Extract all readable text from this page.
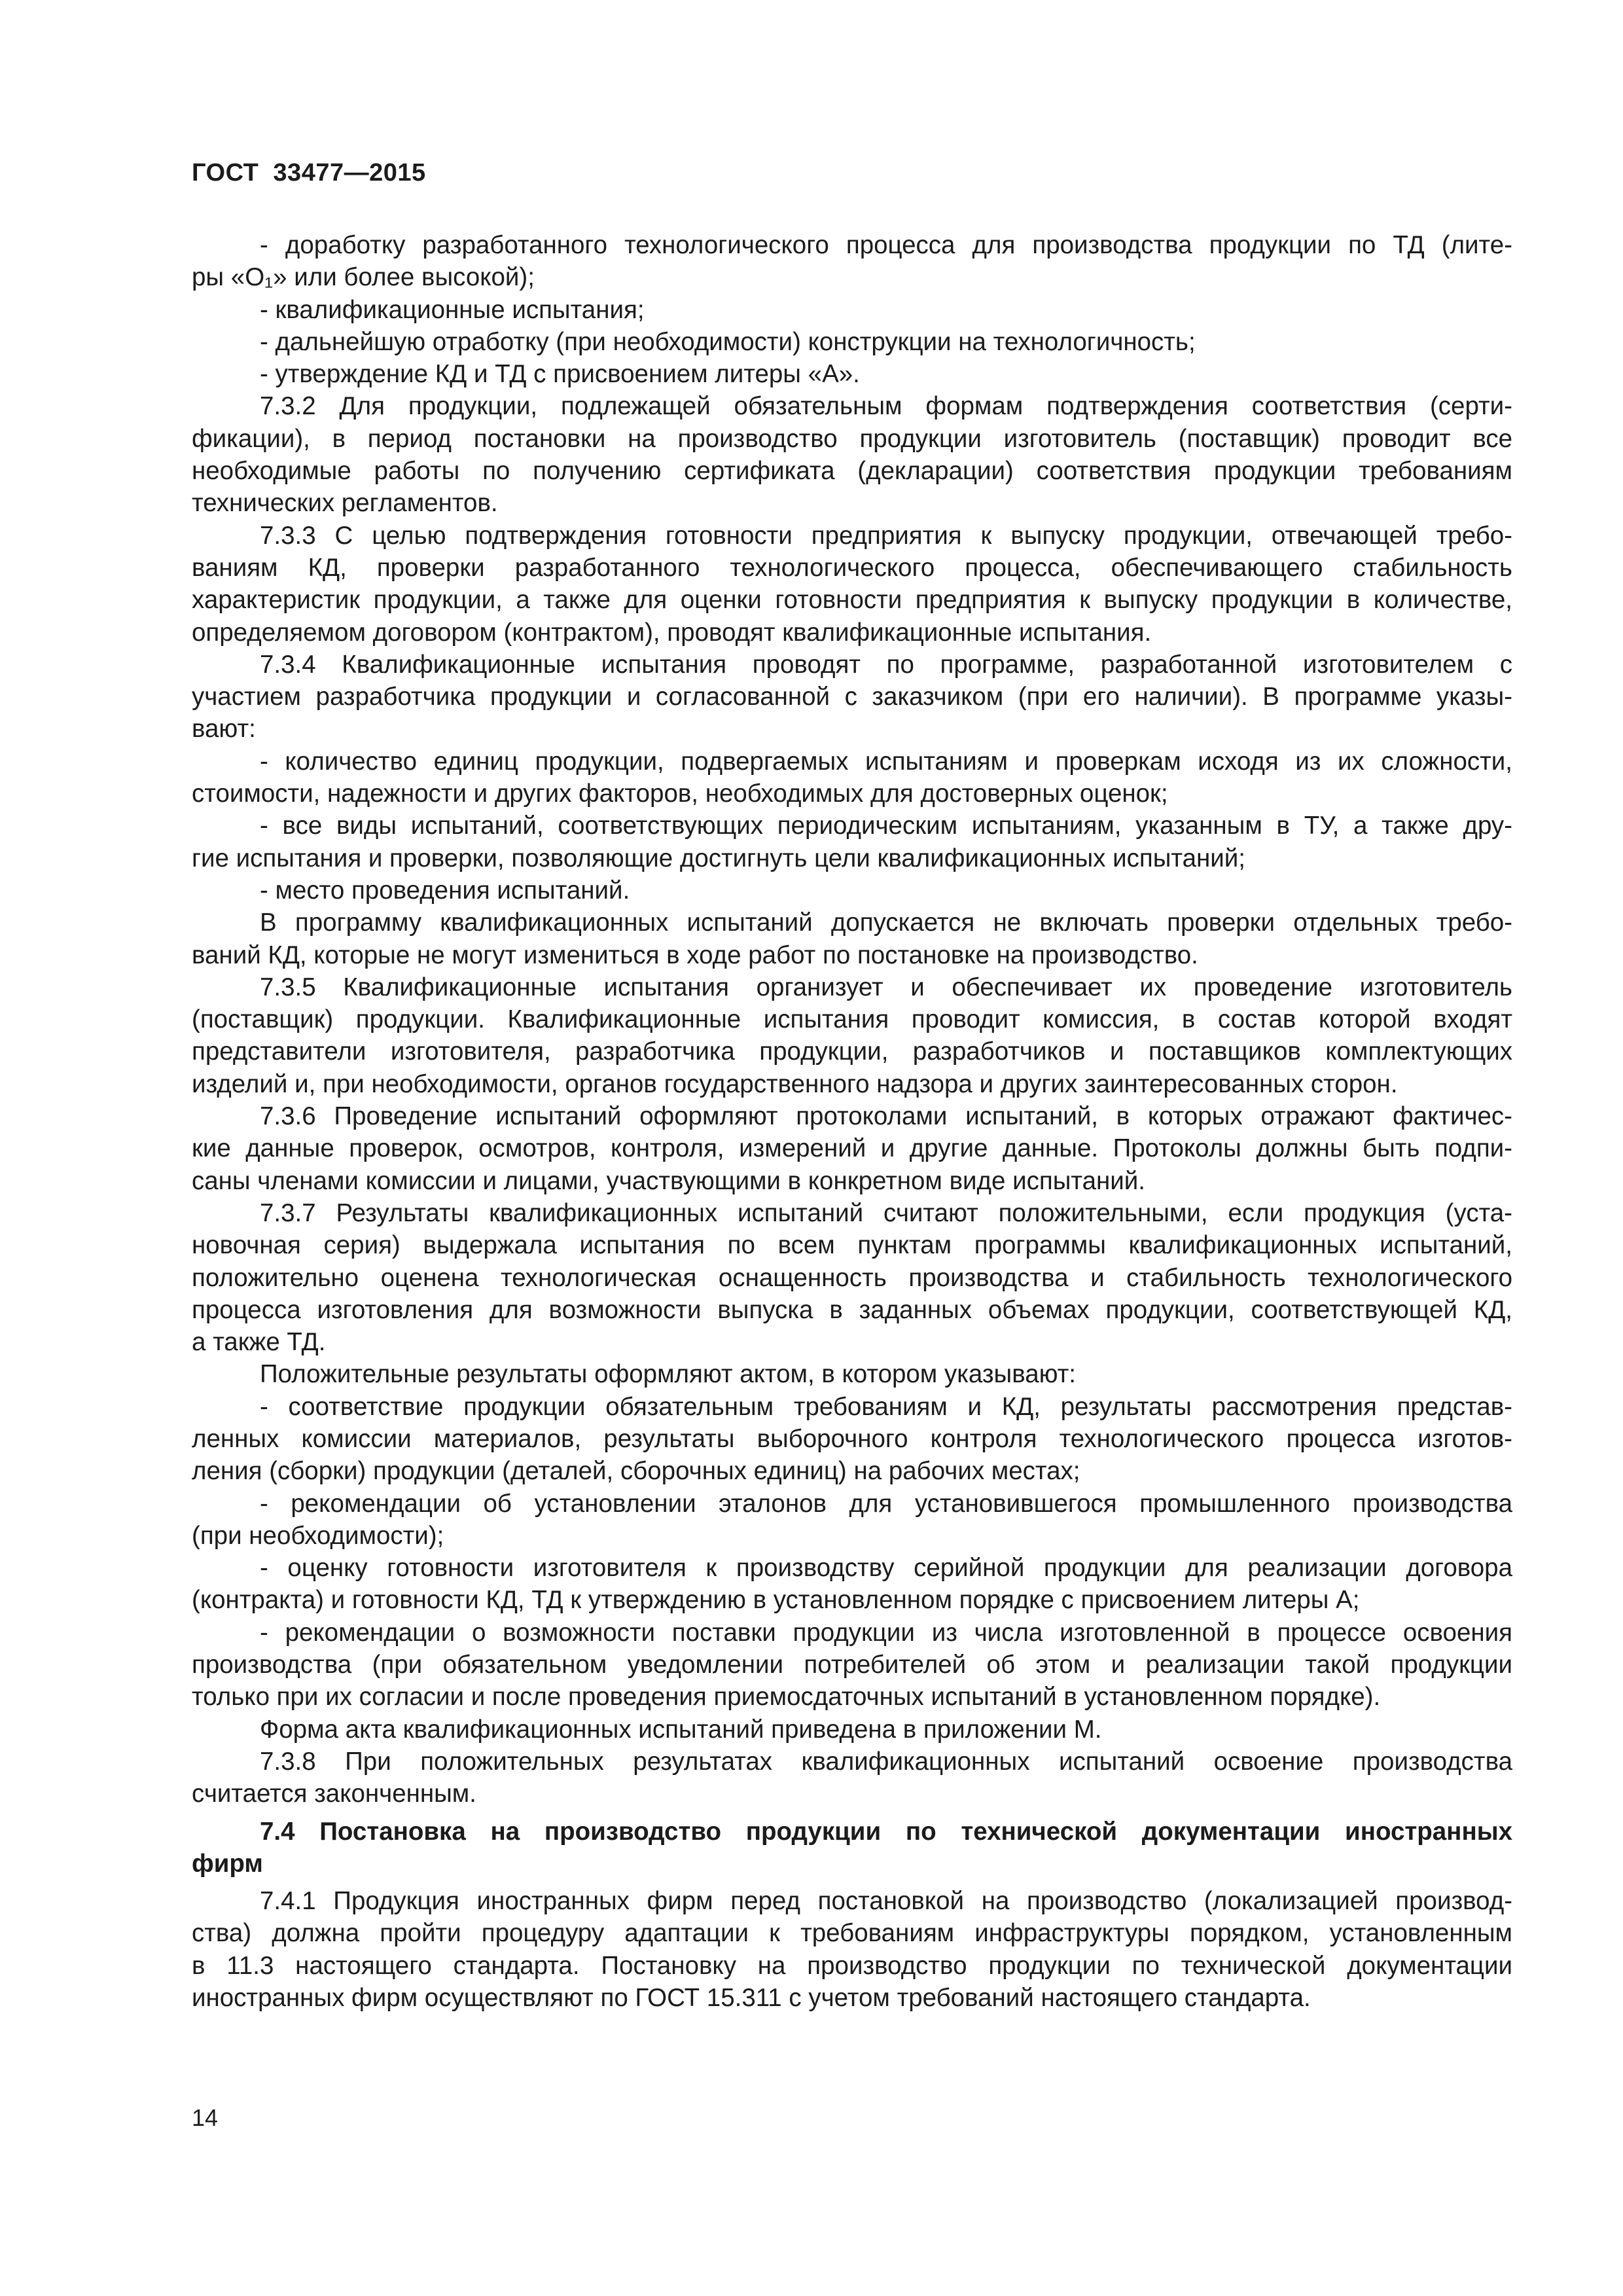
ГОСТ  33477—2015
- доработку разработанного технологического процесса для производства продукции по ТД (лите-
ры «О₁» или более высокой);
- квалификационные испытания;
- дальнейшую отработку (при необходимости) конструкции на технологичность;
- утверждение КД и ТД с присвоением литеры «А».
7.3.2 Для продукции, подлежащей обязательным формам подтверждения соответствия (серти-
фикации), в период постановки на производство продукции изготовитель (поставщик) проводит все
необходимые работы по получению сертификата (декларации) соответствия продукции требованиям
технических регламентов.
7.3.3 С целью подтверждения готовности предприятия к выпуску продукции, отвечающей требо-
ваниям КД, проверки разработанного технологического процесса, обеспечивающего стабильность
характеристик продукции, а также для оценки готовности предприятия к выпуску продукции в количестве,
определяемом договором (контрактом), проводят квалификационные испытания.
7.3.4 Квалификационные испытания проводят по программе, разработанной изготовителем с
участием разработчика продукции и согласованной с заказчиком (при его наличии). В программе указы-
вают:
- количество единиц продукции, подвергаемых испытаниям и проверкам исходя из их сложности,
стоимости, надежности и других факторов, необходимых для достоверных оценок;
- все виды испытаний, соответствующих периодическим испытаниям, указанным в ТУ, а также дру-
гие испытания и проверки, позволяющие достигнуть цели квалификационных испытаний;
- место проведения испытаний.
В программу квалификационных испытаний допускается не включать проверки отдельных требо-
ваний КД, которые не могут измениться в ходе работ по постановке на производство.
7.3.5 Квалификационные испытания организует и обеспечивает их проведение изготовитель
(поставщик) продукции. Квалификационные испытания проводит комиссия, в состав которой входят
представители изготовителя, разработчика продукции, разработчиков и поставщиков комплектующих
изделий и, при необходимости, органов государственного надзора и других заинтересованных сторон.
7.3.6 Проведение испытаний оформляют протоколами испытаний, в которых отражают фактичес-
кие данные проверок, осмотров, контроля, измерений и другие данные. Протоколы должны быть подпи-
саны членами комиссии и лицами, участвующими в конкретном виде испытаний.
7.3.7 Результаты квалификационных испытаний считают положительными, если продукция (уста-
новочная серия) выдержала испытания по всем пунктам программы квалификационных испытаний,
положительно оценена технологическая оснащенность производства и стабильность технологического
процесса изготовления для возможности выпуска в заданных объемах продукции, соответствующей КД,
а также ТД.
Положительные результаты оформляют актом, в котором указывают:
- соответствие продукции обязательным требованиям и КД, результаты рассмотрения представ-
ленных комиссии материалов, результаты выборочного контроля технологического процесса изготов-
ления (сборки) продукции (деталей, сборочных единиц) на рабочих местах;
- рекомендации об установлении эталонов для установившегося промышленного производства
(при необходимости);
- оценку готовности изготовителя к производству серийной продукции для реализации договора
(контракта) и готовности КД, ТД к утверждению в установленном порядке с присвоением литеры А;
- рекомендации о возможности поставки продукции из числа изготовленной в процессе освоения
производства (при обязательном уведомлении потребителей об этом и реализации такой продукции
только при их согласии и после проведения приемосдаточных испытаний в установленном порядке).
Форма акта квалификационных испытаний приведена в приложении М.
7.3.8 При положительных результатах квалификационных испытаний освоение производства
считается законченным.
7.4 Постановка на производство продукции по технической документации иностранных
фирм
7.4.1 Продукция иностранных фирм перед постановкой на производство (локализацией производ-
ства) должна пройти процедуру адаптации к требованиям инфраструктуры порядком, установленным
в 11.3 настоящего стандарта. Постановку на производство продукции по технической документации
иностранных фирм осуществляют по ГОСТ 15.311 с учетом требований настоящего стандарта.
14
